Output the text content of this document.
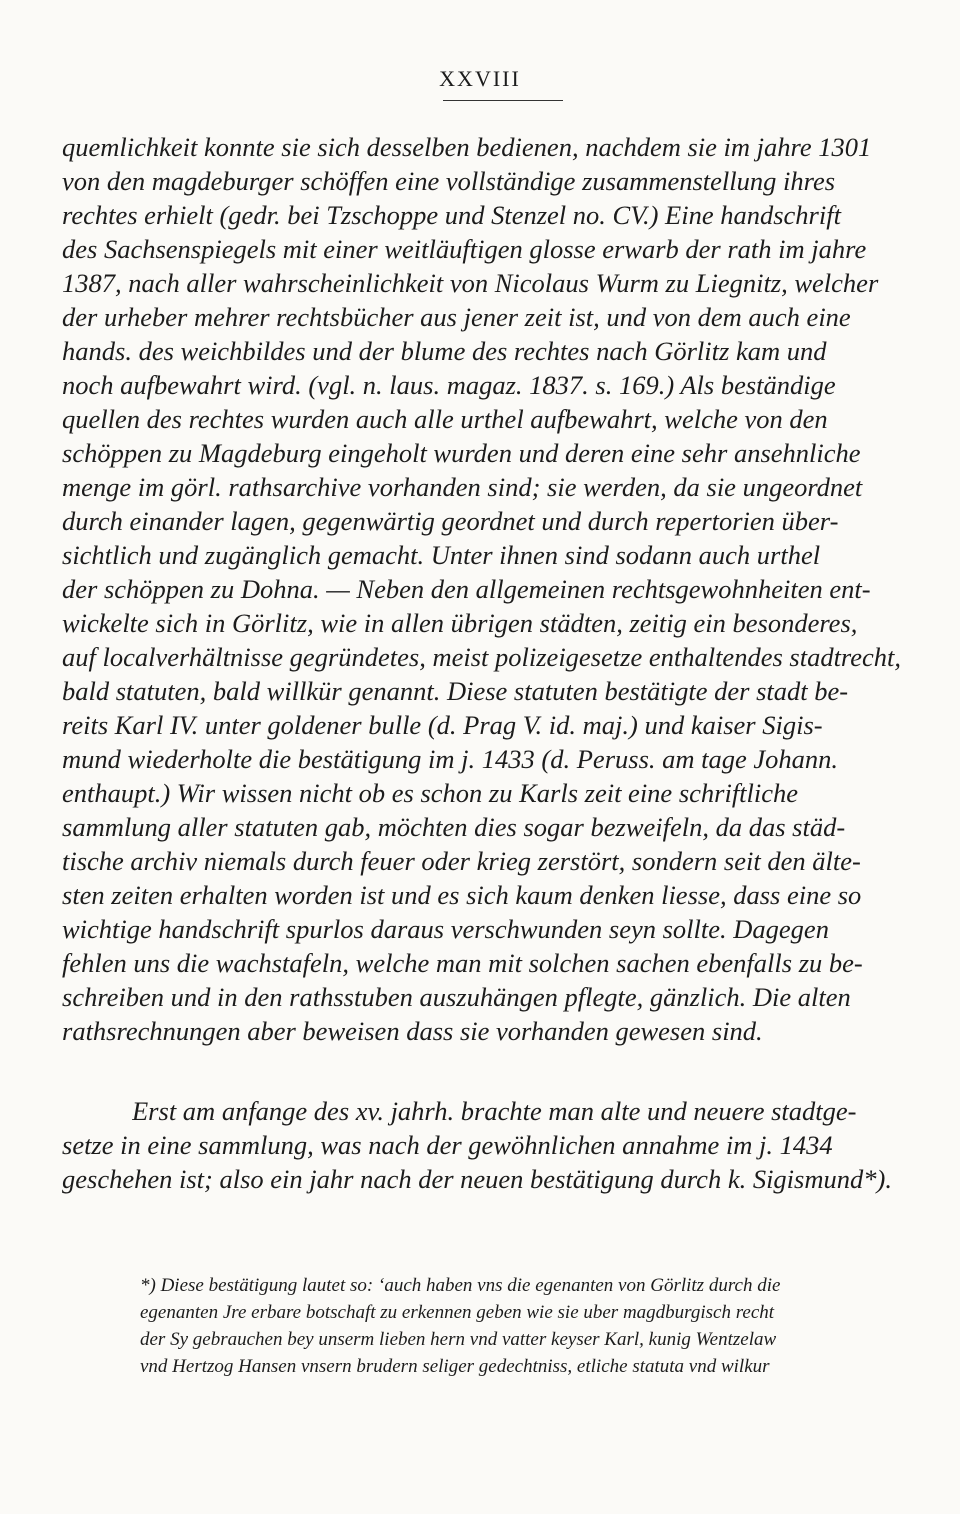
XXVIII
quemlichkeit konnte sie sich desselben bedienen, nachdem sie im jahre 1301
von den magdeburger schöffen eine vollständige zusammenstellung ihres
rechtes erhielt (gedr. bei Tzschoppe und Stenzel no. CV.) Eine handschrift
des Sachsenspiegels mit einer weitläuftigen glosse erwarb der rath im jahre
1387, nach aller wahrscheinlichkeit von Nicolaus Wurm zu Liegnitz, welcher
der urheber mehrer rechtsbücher aus jener zeit ist, und von dem auch eine
hands. des weichbildes und der blume des rechtes nach Görlitz kam und
noch aufbewahrt wird. (vgl. n. laus. magaz. 1837. s. 169.) Als beständige
quellen des rechtes wurden auch alle urthel aufbewahrt, welche von den
schöppen zu Magdeburg eingeholt wurden und deren eine sehr ansehnliche
menge im görl. rathsarchive vorhanden sind; sie werden, da sie ungeordnet
durch einander lagen, gegenwärtig geordnet und durch repertorien über-
sichtlich und zugänglich gemacht. Unter ihnen sind sodann auch urthel
der schöppen zu Dohna. — Neben den allgemeinen rechtsgewohnheiten ent-
wickelte sich in Görlitz, wie in allen übrigen städten, zeitig ein besonderes,
auf localverhältnisse gegründetes, meist polizeigesetze enthaltendes stadtrecht,
bald statuten, bald willkür genannt. Diese statuten bestätigte der stadt be-
reits Karl IV. unter goldener bulle (d. Prag V. id. maj.) und kaiser Sigis-
mund wiederholte die bestätigung im j. 1433 (d. Peruss. am tage Johann.
enthaupt.) Wir wissen nicht ob es schon zu Karls zeit eine schriftliche
sammlung aller statuten gab, möchten dies sogar bezweifeln, da das städ-
tische archiv niemals durch feuer oder krieg zerstört, sondern seit den älte-
sten zeiten erhalten worden ist und es sich kaum denken liesse, dass eine so
wichtige handschrift spurlos daraus verschwunden seyn sollte. Dagegen
fehlen uns die wachstafeln, welche man mit solchen sachen ebenfalls zu be-
schreiben und in den rathsstuben auszuhängen pflegte, gänzlich. Die alten
rathsrechnungen aber beweisen dass sie vorhanden gewesen sind.
Erst am anfange des xv. jahrh. brachte man alte und neuere stadtge-
setze in eine sammlung, was nach der gewöhnlichen annahme im j. 1434
geschehen ist; also ein jahr nach der neuen bestätigung durch k. Sigismund*).
*) Diese bestätigung lautet so: ‘auch haben vns die egenanten von Görlitz durch die
egenanten Jre erbare botschaft zu erkennen geben wie sie uber magdburgisch recht
der Sy gebrauchen bey unserm lieben hern vnd vatter keyser Karl, kunig Wentzelaw
vnd Hertzog Hansen vnsern brudern seliger gedechtniss, etliche statuta vnd wilkur
